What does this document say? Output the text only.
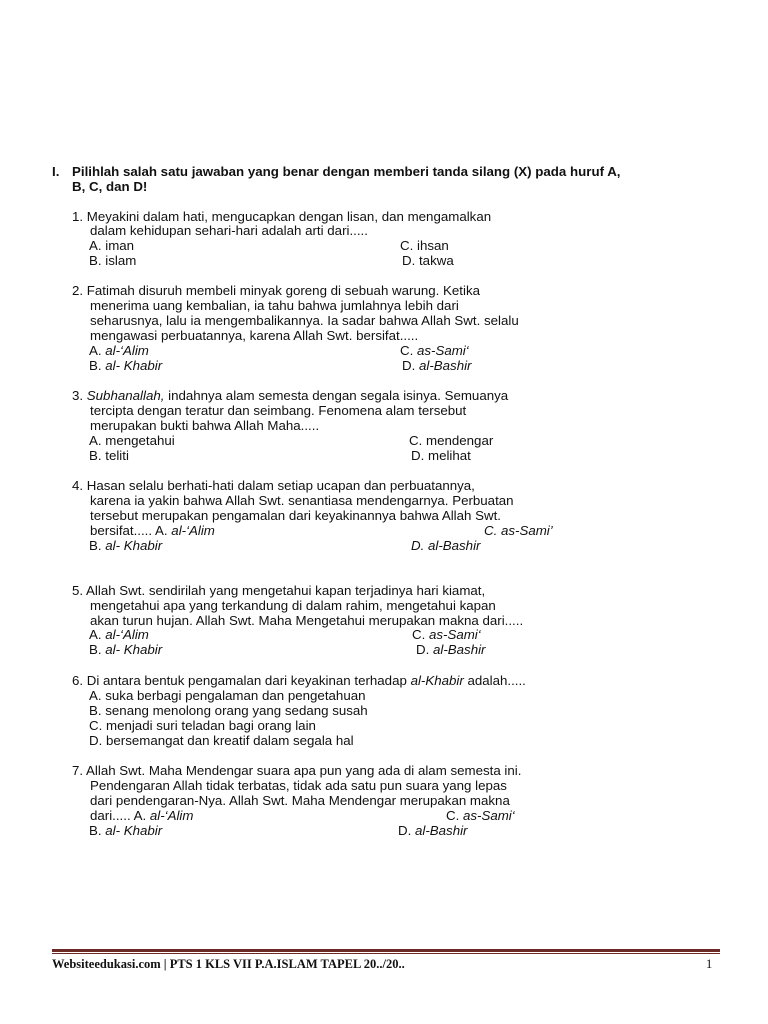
I. Pilihlah salah satu jawaban yang benar dengan memberi tanda silang (X) pada huruf A,
B, C, dan D!
1. Meyakini dalam hati, mengucapkan dengan lisan, dan mengamalkan
dalam kehidupan sehari-hari adalah arti dari.....
A. iman	C. ihsan
B. islam	D. takwa
2. Fatimah disuruh membeli minyak goreng di sebuah warung. Ketika
menerima uang kembalian, ia tahu bahwa jumlahnya lebih dari
seharusnya, lalu ia mengembalikannya. Ia sadar bahwa Allah Swt. selalu
mengawasi perbuatannya, karena Allah Swt. bersifat.....
A. al-‘Alim	C. as-Sami‘
B. al- Khabir	D. al-Bashir
3. Subhanallah, indahnya alam semesta dengan segala isinya. Semuanya
tercipta dengan teratur dan seimbang. Fenomena alam tersebut
merupakan bukti bahwa Allah Maha.....
A. mengetahui	C. mendengar
B. teliti	D. melihat
4. Hasan selalu berhati-hati dalam setiap ucapan dan perbuatannya,
karena ia yakin bahwa Allah Swt. senantiasa mendengarnya. Perbuatan
tersebut merupakan pengamalan dari keyakinannya bahwa Allah Swt.
bersifat..... A. al-‘Alim	C. as-Sami’
B. al- Khabir	D. al-Bashir
5. Allah Swt. sendirilah yang mengetahui kapan terjadinya hari kiamat,
mengetahui apa yang terkandung di dalam rahim, mengetahui kapan
akan turun hujan. Allah Swt. Maha Mengetahui merupakan makna dari.....
A. al-‘Alim	C. as-Sami‘
B. al- Khabir	D. al-Bashir
6. Di antara bentuk pengamalan dari keyakinan terhadap al-Khabir adalah.....
A. suka berbagi pengalaman dan pengetahuan
B. senang menolong orang yang sedang susah
C. menjadi suri teladan bagi orang lain
D. bersemangat dan kreatif dalam segala hal
7. Allah Swt. Maha Mendengar suara apa pun yang ada di alam semesta ini.
Pendengaran Allah tidak terbatas, tidak ada satu pun suara yang lepas
dari pendengaran-Nya. Allah Swt. Maha Mendengar merupakan makna
dari..... A. al-‘Alim	C. as-Sami‘
B. al- Khabir	D. al-Bashir
Websiteedukasi.com | PTS 1 KLS VII P.A.ISLAM TAPEL 20../20..	1
